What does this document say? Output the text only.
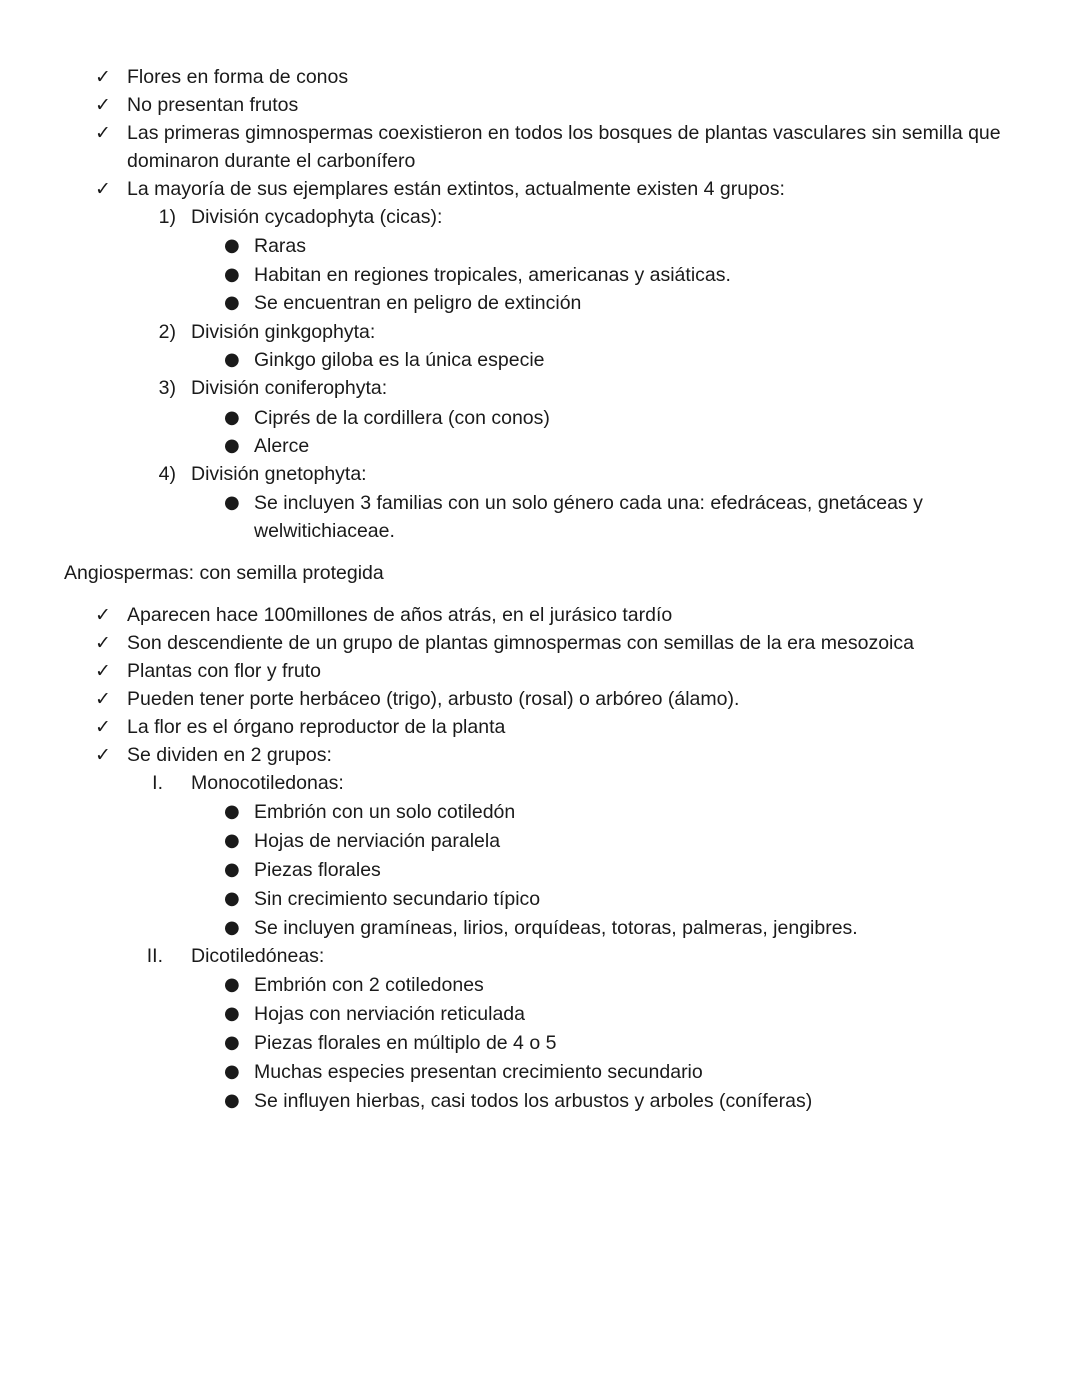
✓ Flores en forma de conos
✓ No presentan frutos
✓ Las primeras gimnospermas coexistieron en todos los bosques de plantas vasculares sin semilla que
dominaron durante el carbonífero
✓ La mayoría de sus ejemplares están extintos, actualmente existen 4 grupos:
1) División cycadophyta (cicas):
● Raras
● Habitan en regiones tropicales, americanas y asiáticas.
● Se encuentran en peligro de extinción
2) División ginkgophyta:
● Ginkgo giloba es la única especie
3) División coniferophyta:
● Ciprés de la cordillera (con conos)
● Alerce
4) División gnetophyta:
● Se incluyen 3 familias con un solo género cada una: efedráceas, gnetáceas y
welwitichiaceae.
Angiospermas: con semilla protegida
✓ Aparecen hace 100millones de años atrás, en el jurásico tardío
✓ Son descendiente de un grupo de plantas gimnospermas con semillas de la era mesozoica
✓ Plantas con flor y fruto
✓ Pueden tener porte herbáceo (trigo), arbusto (rosal) o arbóreo (álamo).
✓ La flor es el órgano reproductor de la planta
✓ Se dividen en 2 grupos:
I. Monocotiledonas:
● Embrión con un solo cotiledón
● Hojas de nerviación paralela
● Piezas florales
● Sin crecimiento secundario típico
● Se incluyen gramíneas, lirios, orquídeas, totoras, palmeras, jengibres.
II. Dicotiledóneas:
● Embrión con 2 cotiledones
● Hojas con nerviación reticulada
● Piezas florales en múltiplo de 4 o 5
● Muchas especies presentan crecimiento secundario
● Se influyen hierbas, casi todos los arbustos y arboles (coníferas)
